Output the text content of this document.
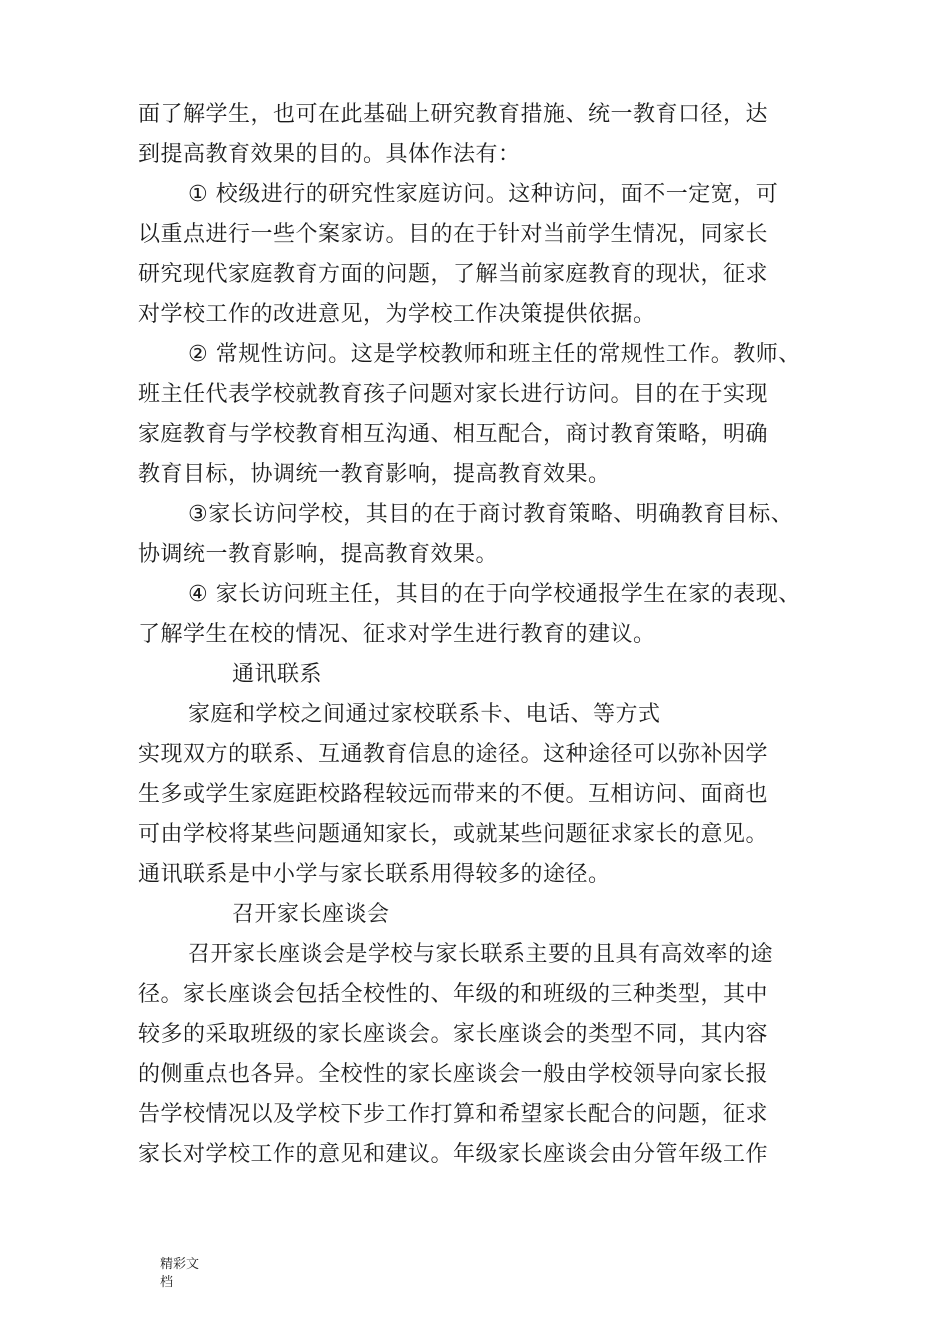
面了解学生，也可在此基础上研究教育措施、统一教育口径，达
到提高教育效果的目的。具体作法有：
① 校级进行的研究性家庭访问。这种访问，面不一定宽，可
以重点进行一些个案家访。目的在于针对当前学生情况，同家长
研究现代家庭教育方面的问题，了解当前家庭教育的现状，征求
对学校工作的改进意见，为学校工作决策提供依据。
② 常规性访问。这是学校教师和班主任的常规性工作。教师、
班主任代表学校就教育孩子问题对家长进行访问。目的在于实现
家庭教育与学校教育相互沟通、相互配合，商讨教育策略，明确
教育目标，协调统一教育影响，提高教育效果。
③家长访问学校，其目的在于商讨教育策略、明确教育目标、
协调统一教育影响，提高教育效果。
④ 家长访问班主任，其目的在于向学校通报学生在家的表现、
了解学生在校的情况、征求对学生进行教育的建议。
通讯联系
家庭和学校之间通过家校联系卡、电话、等方式
实现双方的联系、互通教育信息的途径。这种途径可以弥补因学
生多或学生家庭距校路程较远而带来的不便。互相访问、面商也
可由学校将某些问题通知家长，或就某些问题征求家长的意见。
通讯联系是中小学与家长联系用得较多的途径。
召开家长座谈会
召开家长座谈会是学校与家长联系主要的且具有高效率的途
径。家长座谈会包括全校性的、年级的和班级的三种类型，其中
较多的采取班级的家长座谈会。家长座谈会的类型不同，其内容
的侧重点也各异。全校性的家长座谈会一般由学校领导向家长报
告学校情况以及学校下步工作打算和希望家长配合的问题，征求
家长对学校工作的意见和建议。年级家长座谈会由分管年级工作
精彩文
档
